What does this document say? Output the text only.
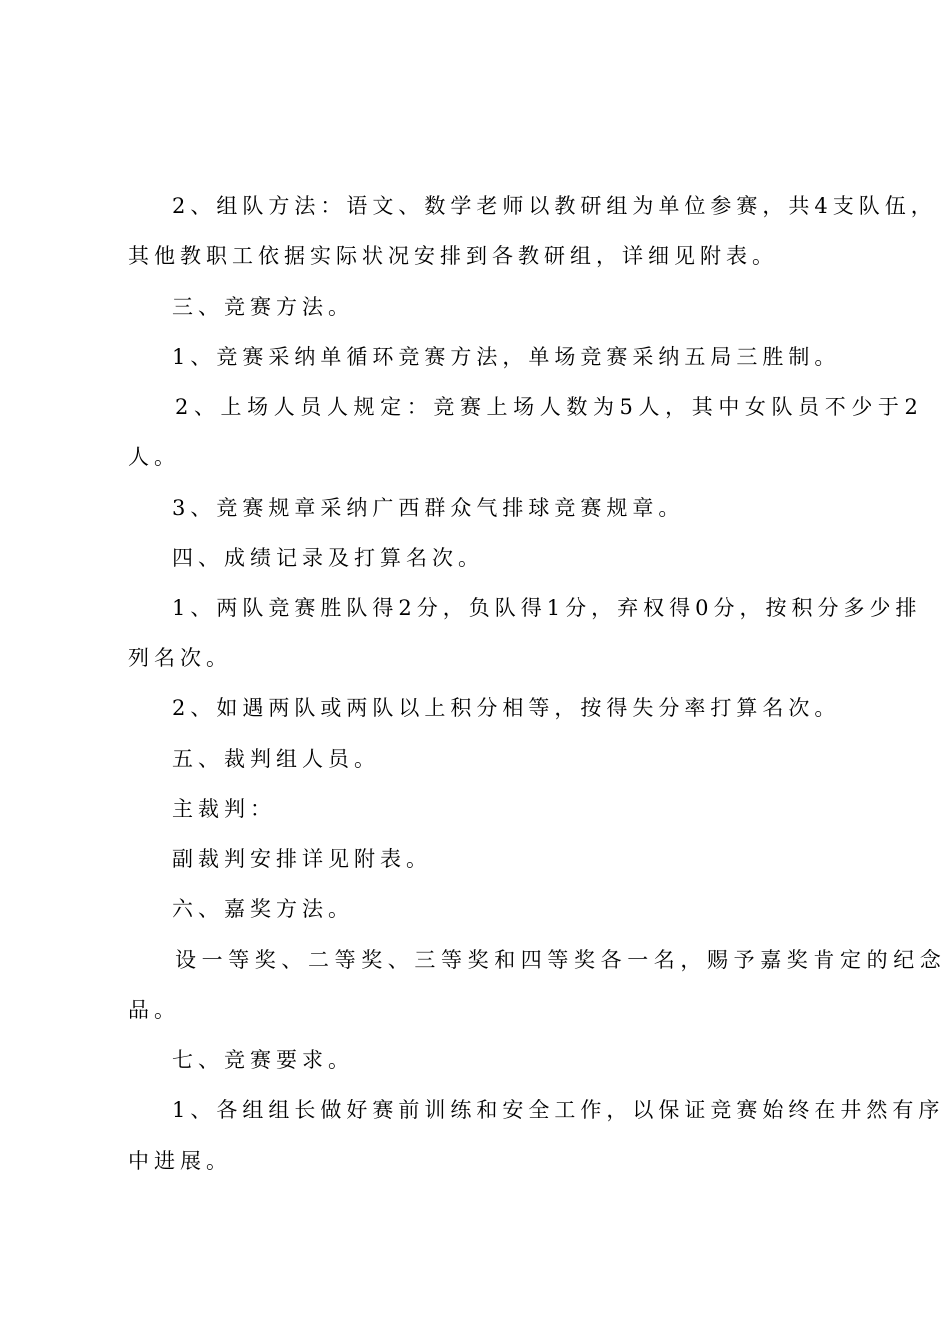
2、组队方法：语文、数学老师以教研组为单位参赛，共4支队伍，
其他教职工依据实际状况安排到各教研组，详细见附表。
三、竞赛方法。
1、竞赛采纳单循环竞赛方法，单场竞赛采纳五局三胜制。
2、上场人员人规定：竞赛上场人数为5人，其中女队员不少于2
人。
3、竞赛规章采纳广西群众气排球竞赛规章。
四、成绩记录及打算名次。
1、两队竞赛胜队得2分，负队得1分，弃权得0分，按积分多少排
列名次。
2、如遇两队或两队以上积分相等，按得失分率打算名次。
五、裁判组人员。
主裁判：
副裁判安排详见附表。
六、嘉奖方法。
设一等奖、二等奖、三等奖和四等奖各一名，赐予嘉奖肯定的纪念
品。
七、竞赛要求。
1、各组组长做好赛前训练和安全工作，以保证竞赛始终在井然有序
中进展。
